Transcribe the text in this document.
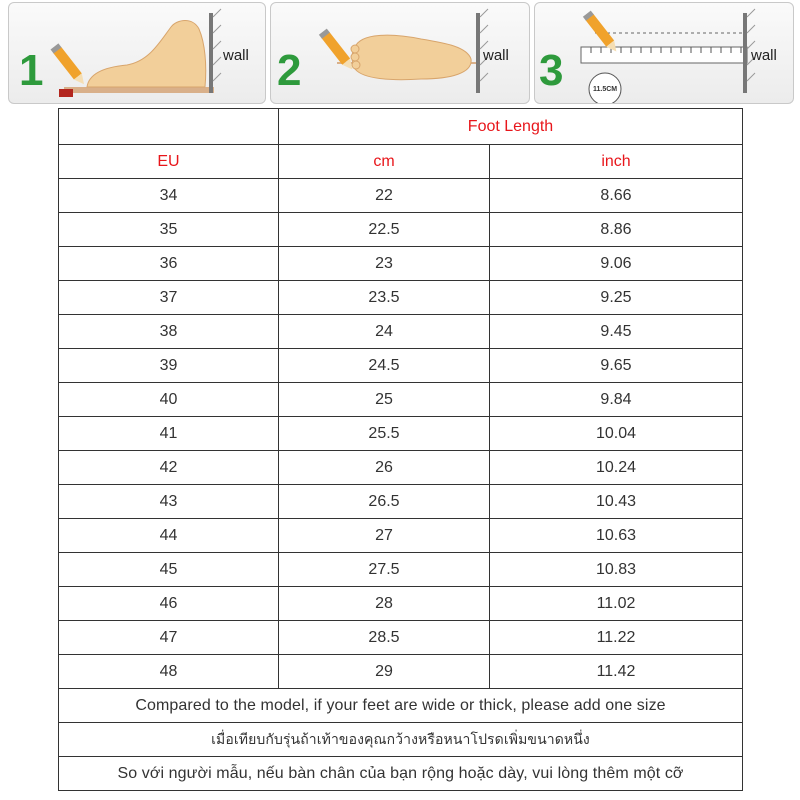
1	wall 2	wall 3	11.5CM
wall
	Foot Length	
EU	cm	inch
34	22	8.66
35	22.5	8.86
36	23	9.06
37	23.5	9.25
38	24	9.45
39	24.5	9.65
40	25	9.84
41	25.5	10.04
42	26	10.24
43	26.5	10.43
44	27	10.63
45	27.5	10.83
46	28	11.02
47	28.5	11.22
48	29	11.42
Compared to the model, if your feet are wide or thick, please add one size		
เมื่อเทียบกับรุ่นถ้าเท้าของคุณกว้างหรือหนาโปรดเพิ่มขนาดหนึ่ง		
So với người mẫu, nếu bàn chân của bạn rộng hoặc dày, vui lòng thêm một cỡ		
